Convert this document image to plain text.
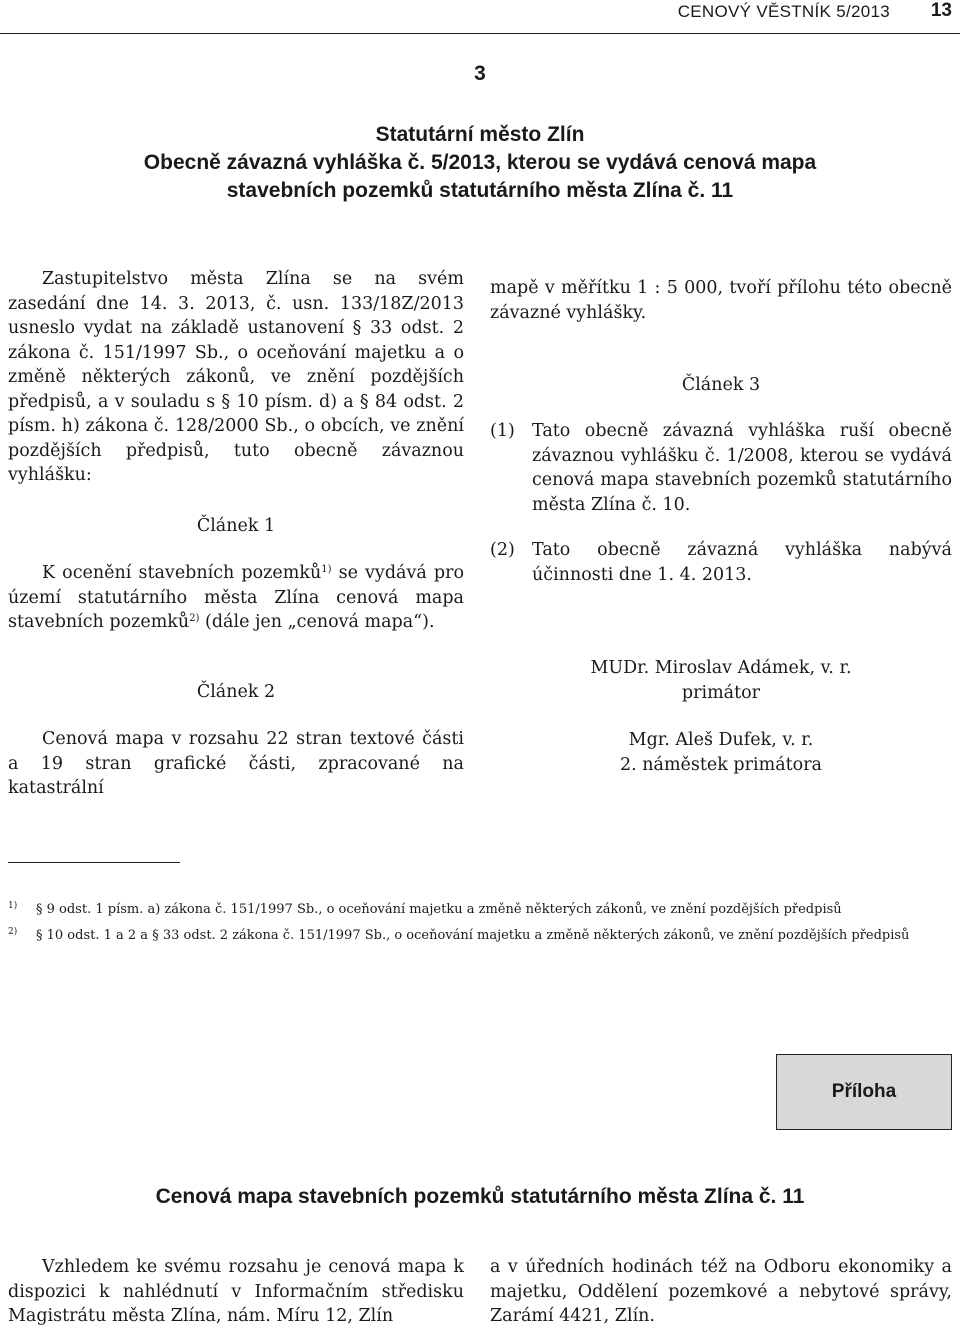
CENOVÝ VĚSTNÍK 5/2013 13
3
Statutární město Zlín
Obecně závazná vyhláška č. 5/2013, kterou se vydává cenová mapa
stavebních pozemků statutárního města Zlína č. 11

Zastupitelstvo města Zlína se na svém zasedání dne 14. 3. 2013, č. usn. 133/18Z/2013 usneslo vydat na základě ustanovení § 33 odst. 2 zákona č. 151/1997 Sb., o oceňování majetku a o změně některých zákonů, ve znění pozdějších předpisů, a v souladu s § 10 písm. d) a § 84 odst. 2 písm. h) zákona č. 128/2000 Sb., o obcích, ve znění pozdějších předpisů, tuto obecně závaznou vyhlášku:

Článek 1

K ocenění stavebních pozemků$^{1)}$ se vydává pro území statutárního města Zlína cenová mapa stavebních pozemků$^{2)}$ (dále jen „cenová mapa“).

Článek 2

Cenová mapa v rozsahu 22 stran textové části a 19 stran grafické části, zpracované na katastrální

mapě v měřítku 1 : 5 000, tvoří přílohu této obecně závazné vyhlášky.

Článek 3

(1) Tato obecně závazná vyhláška ruší obecně závaznou vyhlášku č. 1/2008, kterou se vydává cenová mapa stavebních pozemků statutárního města Zlína č. 10.

(2) Tato obecně závazná vyhláška nabývá účinnosti dne 1. 4. 2013.

MUDr. Miroslav Adámek, v. r.

primátor

Mgr. Aleš Dufek, v. r.

2. náměstek primátora

1) § 9 odst. 1 písm. a) zákona č. 151/1997 Sb., o oceňování majetku a změně některých zákonů, ve znění pozdějších předpisů
2) § 10 odst. 1 a 2 a § 33 odst. 2 zákona č. 151/1997 Sb., o oceňování majetku a změně některých zákonů, ve znění pozdějších předpisů
Příloha
Cenová mapa stavebních pozemků statutárního města Zlína č. 11

Vzhledem ke svému rozsahu je cenová mapa k dispozici k nahlédnutí v Informačním středisku Magistrátu města Zlína, nám. Míru 12, Zlín

a v úředních hodinách též na Odboru ekonomiky a majetku, Oddělení pozemkové a nebytové správy, Zarámí 4421, Zlín.
